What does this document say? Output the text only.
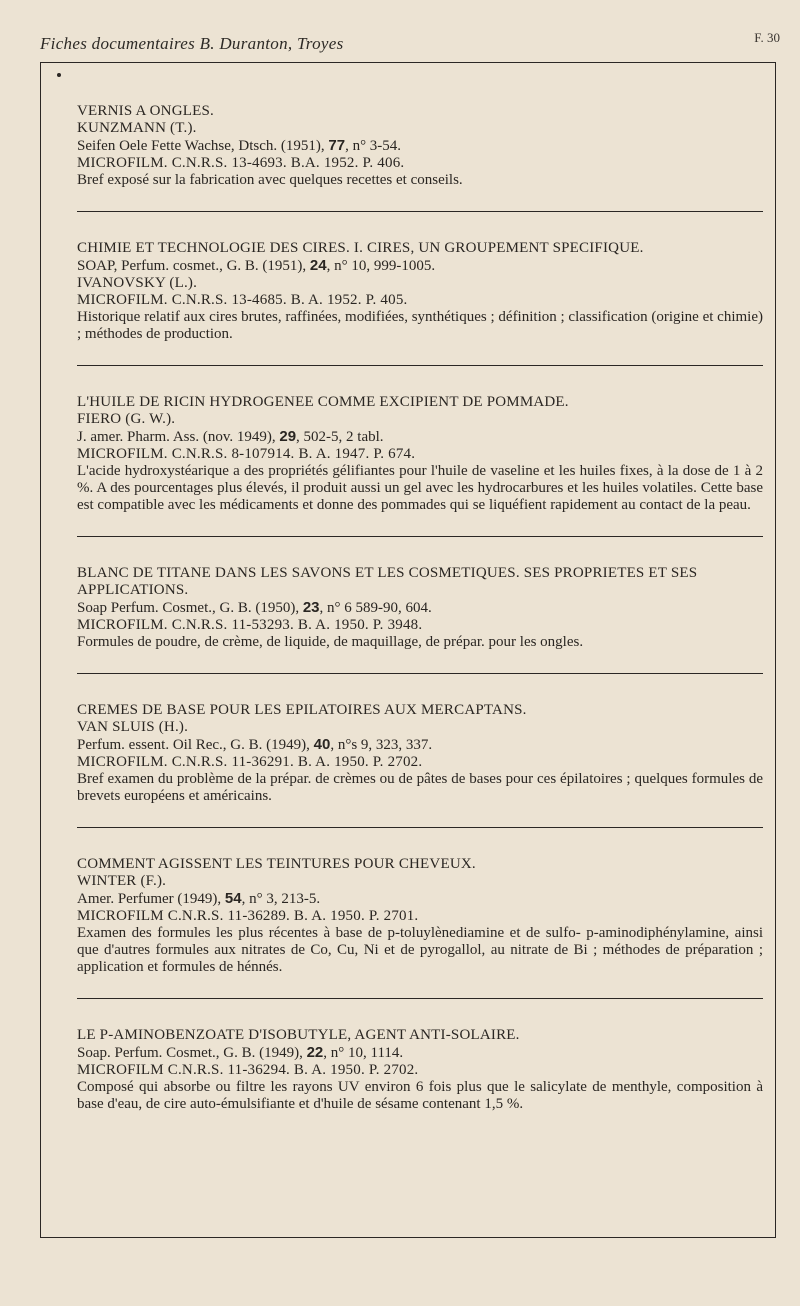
Fiches documentaires B. Duranton, Troyes	F. 30
VERNIS A ONGLES.
KUNZMANN (T.).
Seifen Oele Fette Wachse, Dtsch. (1951), 77, n° 3-54.
MICROFILM. C.N.R.S. 13-4693. B.A. 1952. P. 406.
Bref exposé sur la fabrication avec quelques recettes et conseils.
CHIMIE ET TECHNOLOGIE DES CIRES. I. CIRES, UN GROUPEMENT SPECIFIQUE.
SOAP, Perfum. cosmet., G. B. (1951), 24, n° 10, 999-1005.
IVANOVSKY (L.).
MICROFILM. C.N.R.S. 13-4685. B. A. 1952. P. 405.
Historique relatif aux cires brutes, raffinées, modifiées, synthétiques ; définition ; classification (origine et chimie) ; méthodes de production.
L'HUILE DE RICIN HYDROGENEE COMME EXCIPIENT DE POMMADE.
FIERO (G. W.).
J. amer. Pharm. Ass. (nov. 1949), 29, 502-5, 2 tabl.
MICROFILM. C.N.R.S. 8-107914. B. A. 1947. P. 674.
L'acide hydroxystéarique a des propriétés gélifiantes pour l'huile de vaseline et les huiles fixes, à la dose de 1 à 2 %. A des pourcentages plus élevés, il produit aussi un gel avec les hydrocarbures et les huiles volatiles. Cette base est compatible avec les médicaments et donne des pommades qui se liquéfient rapidement au contact de la peau.
BLANC DE TITANE DANS LES SAVONS ET LES COSMETIQUES. SES PROPRIETES ET SES APPLICATIONS.
Soap Perfum. Cosmet., G. B. (1950), 23, n° 6 589-90, 604.
MICROFILM. C.N.R.S. 11-53293. B. A. 1950. P. 3948.
Formules de poudre, de crème, de liquide, de maquillage, de prépar. pour les ongles.
CREMES DE BASE POUR LES EPILATOIRES AUX MERCAPTANS.
VAN SLUIS (H.).
Perfum. essent. Oil Rec., G. B. (1949), 40, n°s 9, 323, 337.
MICROFILM. C.N.R.S. 11-36291. B. A. 1950. P. 2702.
Bref examen du problème de la prépar. de crèmes ou de pâtes de bases pour ces épilatoires ; quelques formules de brevets européens et américains.
COMMENT AGISSENT LES TEINTURES POUR CHEVEUX.
WINTER (F.).
Amer. Perfumer (1949), 54, n° 3, 213-5.
MICROFILM C.N.R.S. 11-36289. B. A. 1950. P. 2701.
Examen des formules les plus récentes à base de p-toluylènediamine et de sulfo- p-aminodiphénylamine, ainsi que d'autres formules aux nitrates de Co, Cu, Ni et de pyrogallol, au nitrate de Bi ; méthodes de préparation ; application et formules de hénnés.
LE P-AMINOBENZOATE D'ISOBUTYLE, AGENT ANTI-SOLAIRE.
Soap. Perfum. Cosmet., G. B. (1949), 22, n° 10, 1114.
MICROFILM C.N.R.S. 11-36294. B. A. 1950. P. 2702.
Composé qui absorbe ou filtre les rayons UV environ 6 fois plus que le salicylate de menthyle, composition à base d'eau, de cire auto-émulsifiante et d'huile de sésame contenant 1,5 %.
